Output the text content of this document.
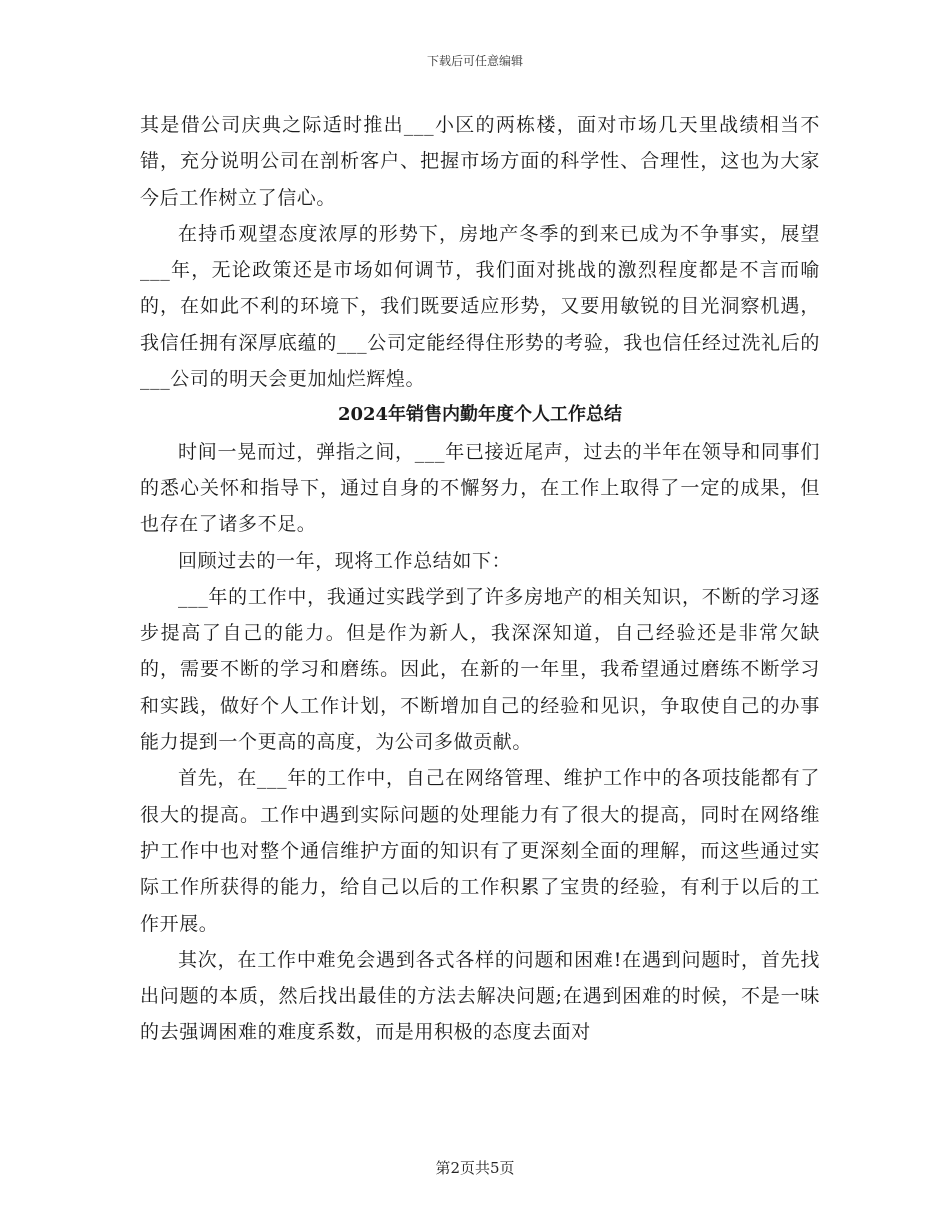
下载后可任意编辑

其是借公司庆典之际适时推出___小区的两栋楼，面对市场几天里战绩相当不错，充分说明公司在剖析客户、把握市场方面的科学性、合理性，这也为大家今后工作树立了信心。

在持币观望态度浓厚的形势下，房地产冬季的到来已成为不争事实，展望___年，无论政策还是市场如何调节，我们面对挑战的激烈程度都是不言而喻的，在如此不利的环境下，我们既要适应形势，又要用敏锐的目光洞察机遇，我信任拥有深厚底蕴的___公司定能经得住形势的考验，我也信任经过洗礼后的___公司的明天会更加灿烂辉煌。

2024年销售内勤年度个人工作总结

时间一晃而过，弹指之间，___年已接近尾声，过去的半年在领导和同事们的悉心关怀和指导下，通过自身的不懈努力，在工作上取得了一定的成果，但也存在了诸多不足。

回顾过去的一年，现将工作总结如下：

___年的工作中，我通过实践学到了许多房地产的相关知识，不断的学习逐步提高了自己的能力。但是作为新人，我深深知道，自己经验还是非常欠缺的，需要不断的学习和磨练。因此，在新的一年里，我希望通过磨练不断学习和实践，做好个人工作计划，不断增加自己的经验和见识，争取使自己的办事能力提到一个更高的高度，为公司多做贡献。

首先，在___年的工作中，自己在网络管理、维护工作中的各项技能都有了很大的提高。工作中遇到实际问题的处理能力有了很大的提高，同时在网络维护工作中也对整个通信维护方面的知识有了更深刻全面的理解，而这些通过实际工作所获得的能力，给自己以后的工作积累了宝贵的经验，有利于以后的工作开展。

其次，在工作中难免会遇到各式各样的问题和困难!在遇到问题时，首先找出问题的本质，然后找出最佳的方法去解决问题;在遇到困难的时候，不是一味的去强调困难的难度系数，而是用积极的态度去面对

第2页共5页
